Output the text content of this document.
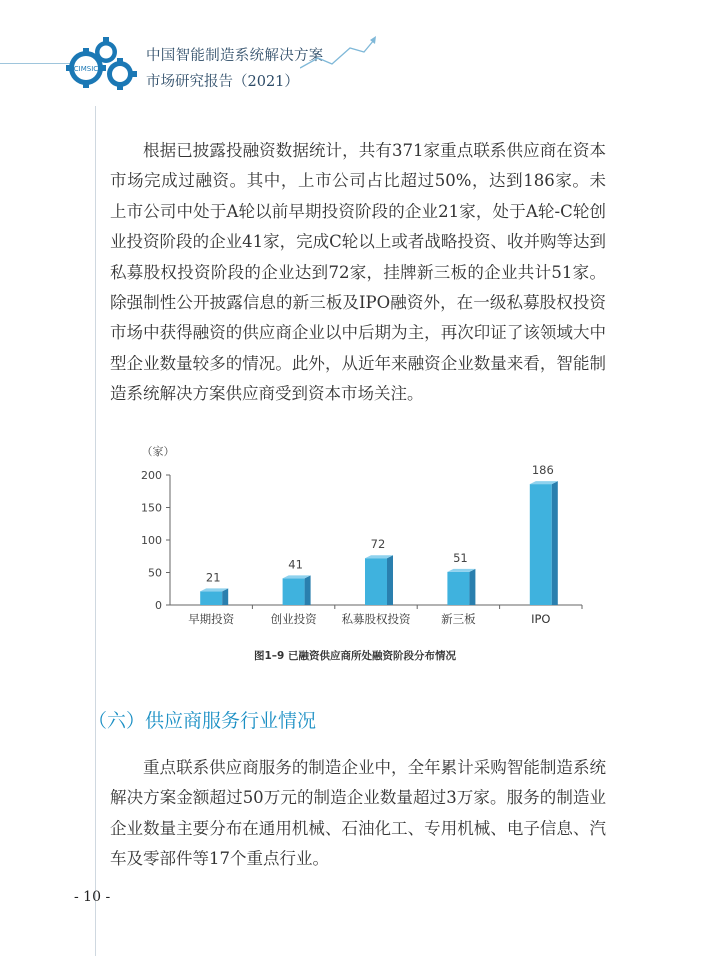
CIMSIC
中国智能制造系统解决方案
市场研究报告（2021）

根据已披露投融资数据统计，共有371家重点联系供应商在资本市场完成过融资。其中，上市公司占比超过50%，达到186家。未上市公司中处于A轮以前早期投资阶段的企业21家，处于A轮-C轮创业投资阶段的企业41家，完成C轮以上或者战略投资、收并购等达到私募股权投资阶段的企业达到72家，挂牌新三板的企业共计51家。除强制性公开披露信息的新三板及IPO融资外，在一级私募股权投资市场中获得融资的供应商企业以中后期为主，再次印证了该领域大中型企业数量较多的情况。此外，从近年来融资企业数量来看，智能制造系统解决方案供应商受到资本市场关注。

（家）
0
50
100
150
200
21
早期投资
41
创业投资
72
私募股权投资
51
新三板
186
IPO
图1–9 已融资供应商所处融资阶段分布情况
（六）供应商服务行业情况

重点联系供应商服务的制造企业中，全年累计采购智能制造系统解决方案金额超过50万元的制造企业数量超过3万家。服务的制造业企业数量主要分布在通用机械、石油化工、专用机械、电子信息、汽车及零部件等17个重点行业。

- 10 -
